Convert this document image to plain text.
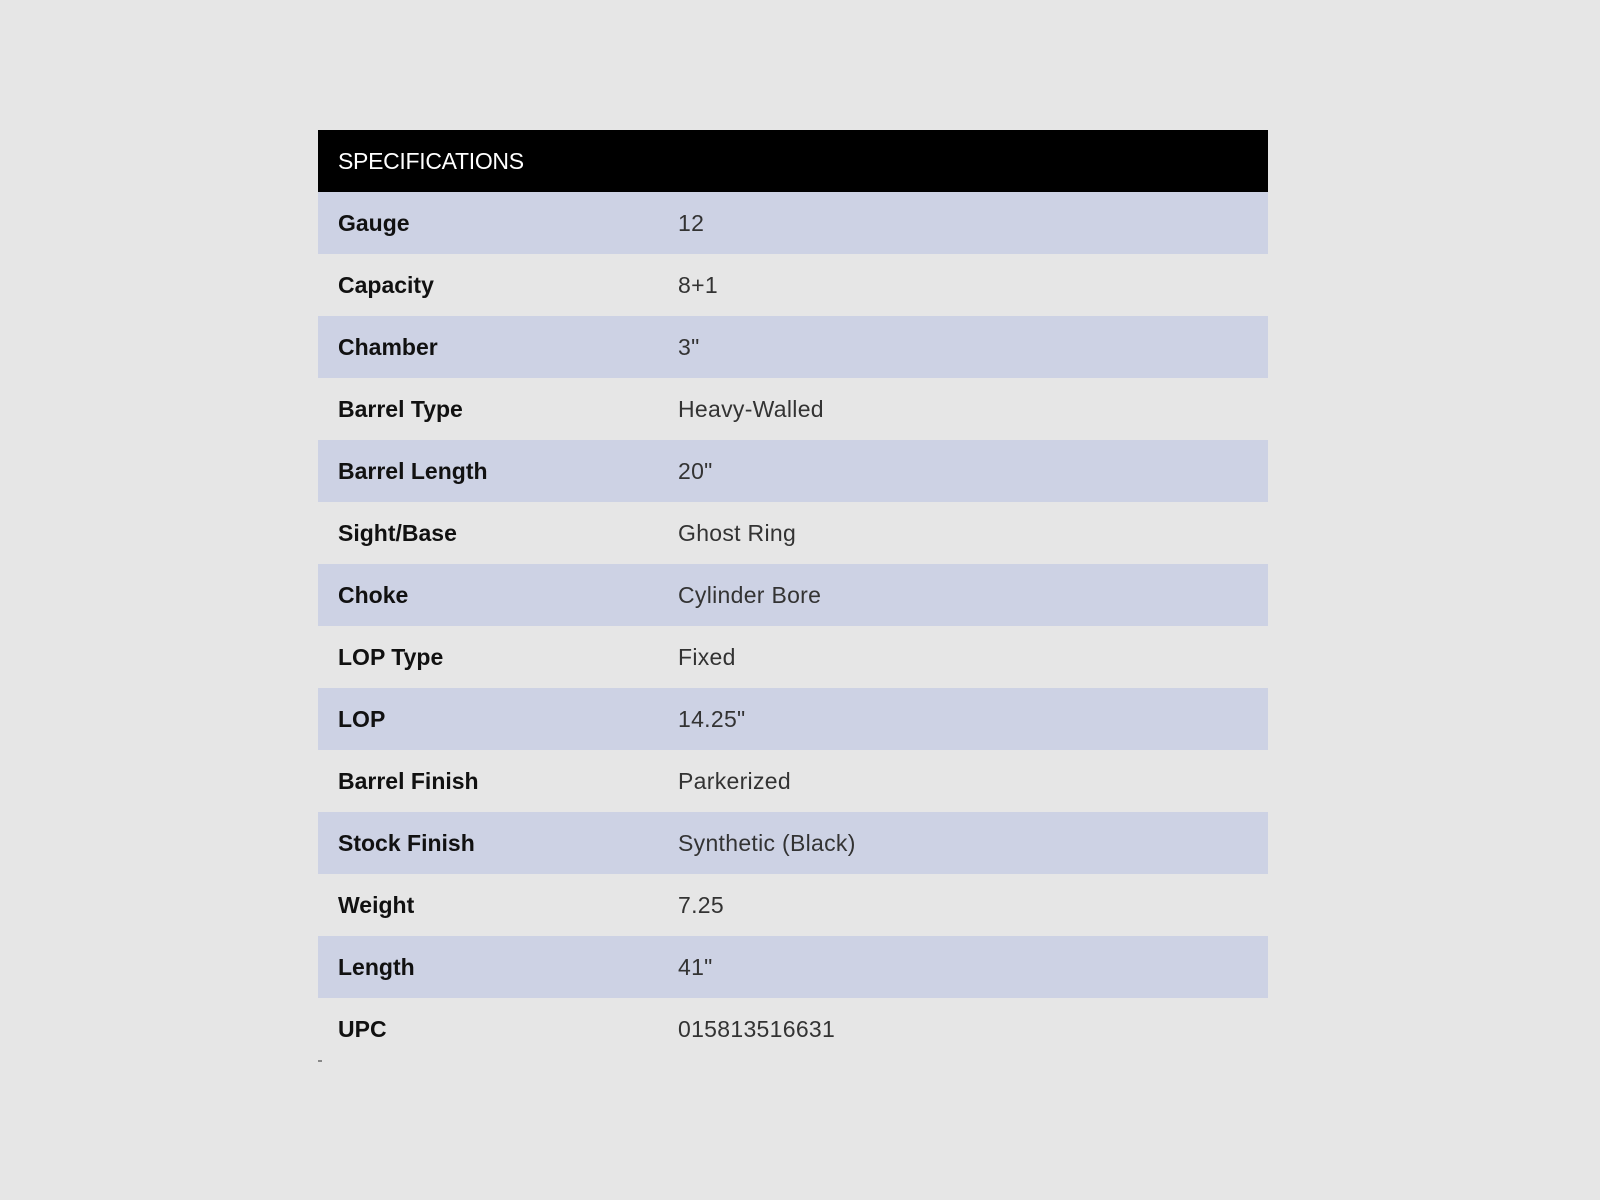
SPECIFICATIONS
Gauge	12
Capacity	8+1
Chamber	3"
Barrel Type	Heavy-Walled
Barrel Length	20"
Sight/Base	Ghost Ring
Choke	Cylinder Bore
LOP Type	Fixed
LOP	14.25"
Barrel Finish	Parkerized
Stock Finish	Synthetic (Black)
Weight	7.25
Length	41"
UPC	015813516631
